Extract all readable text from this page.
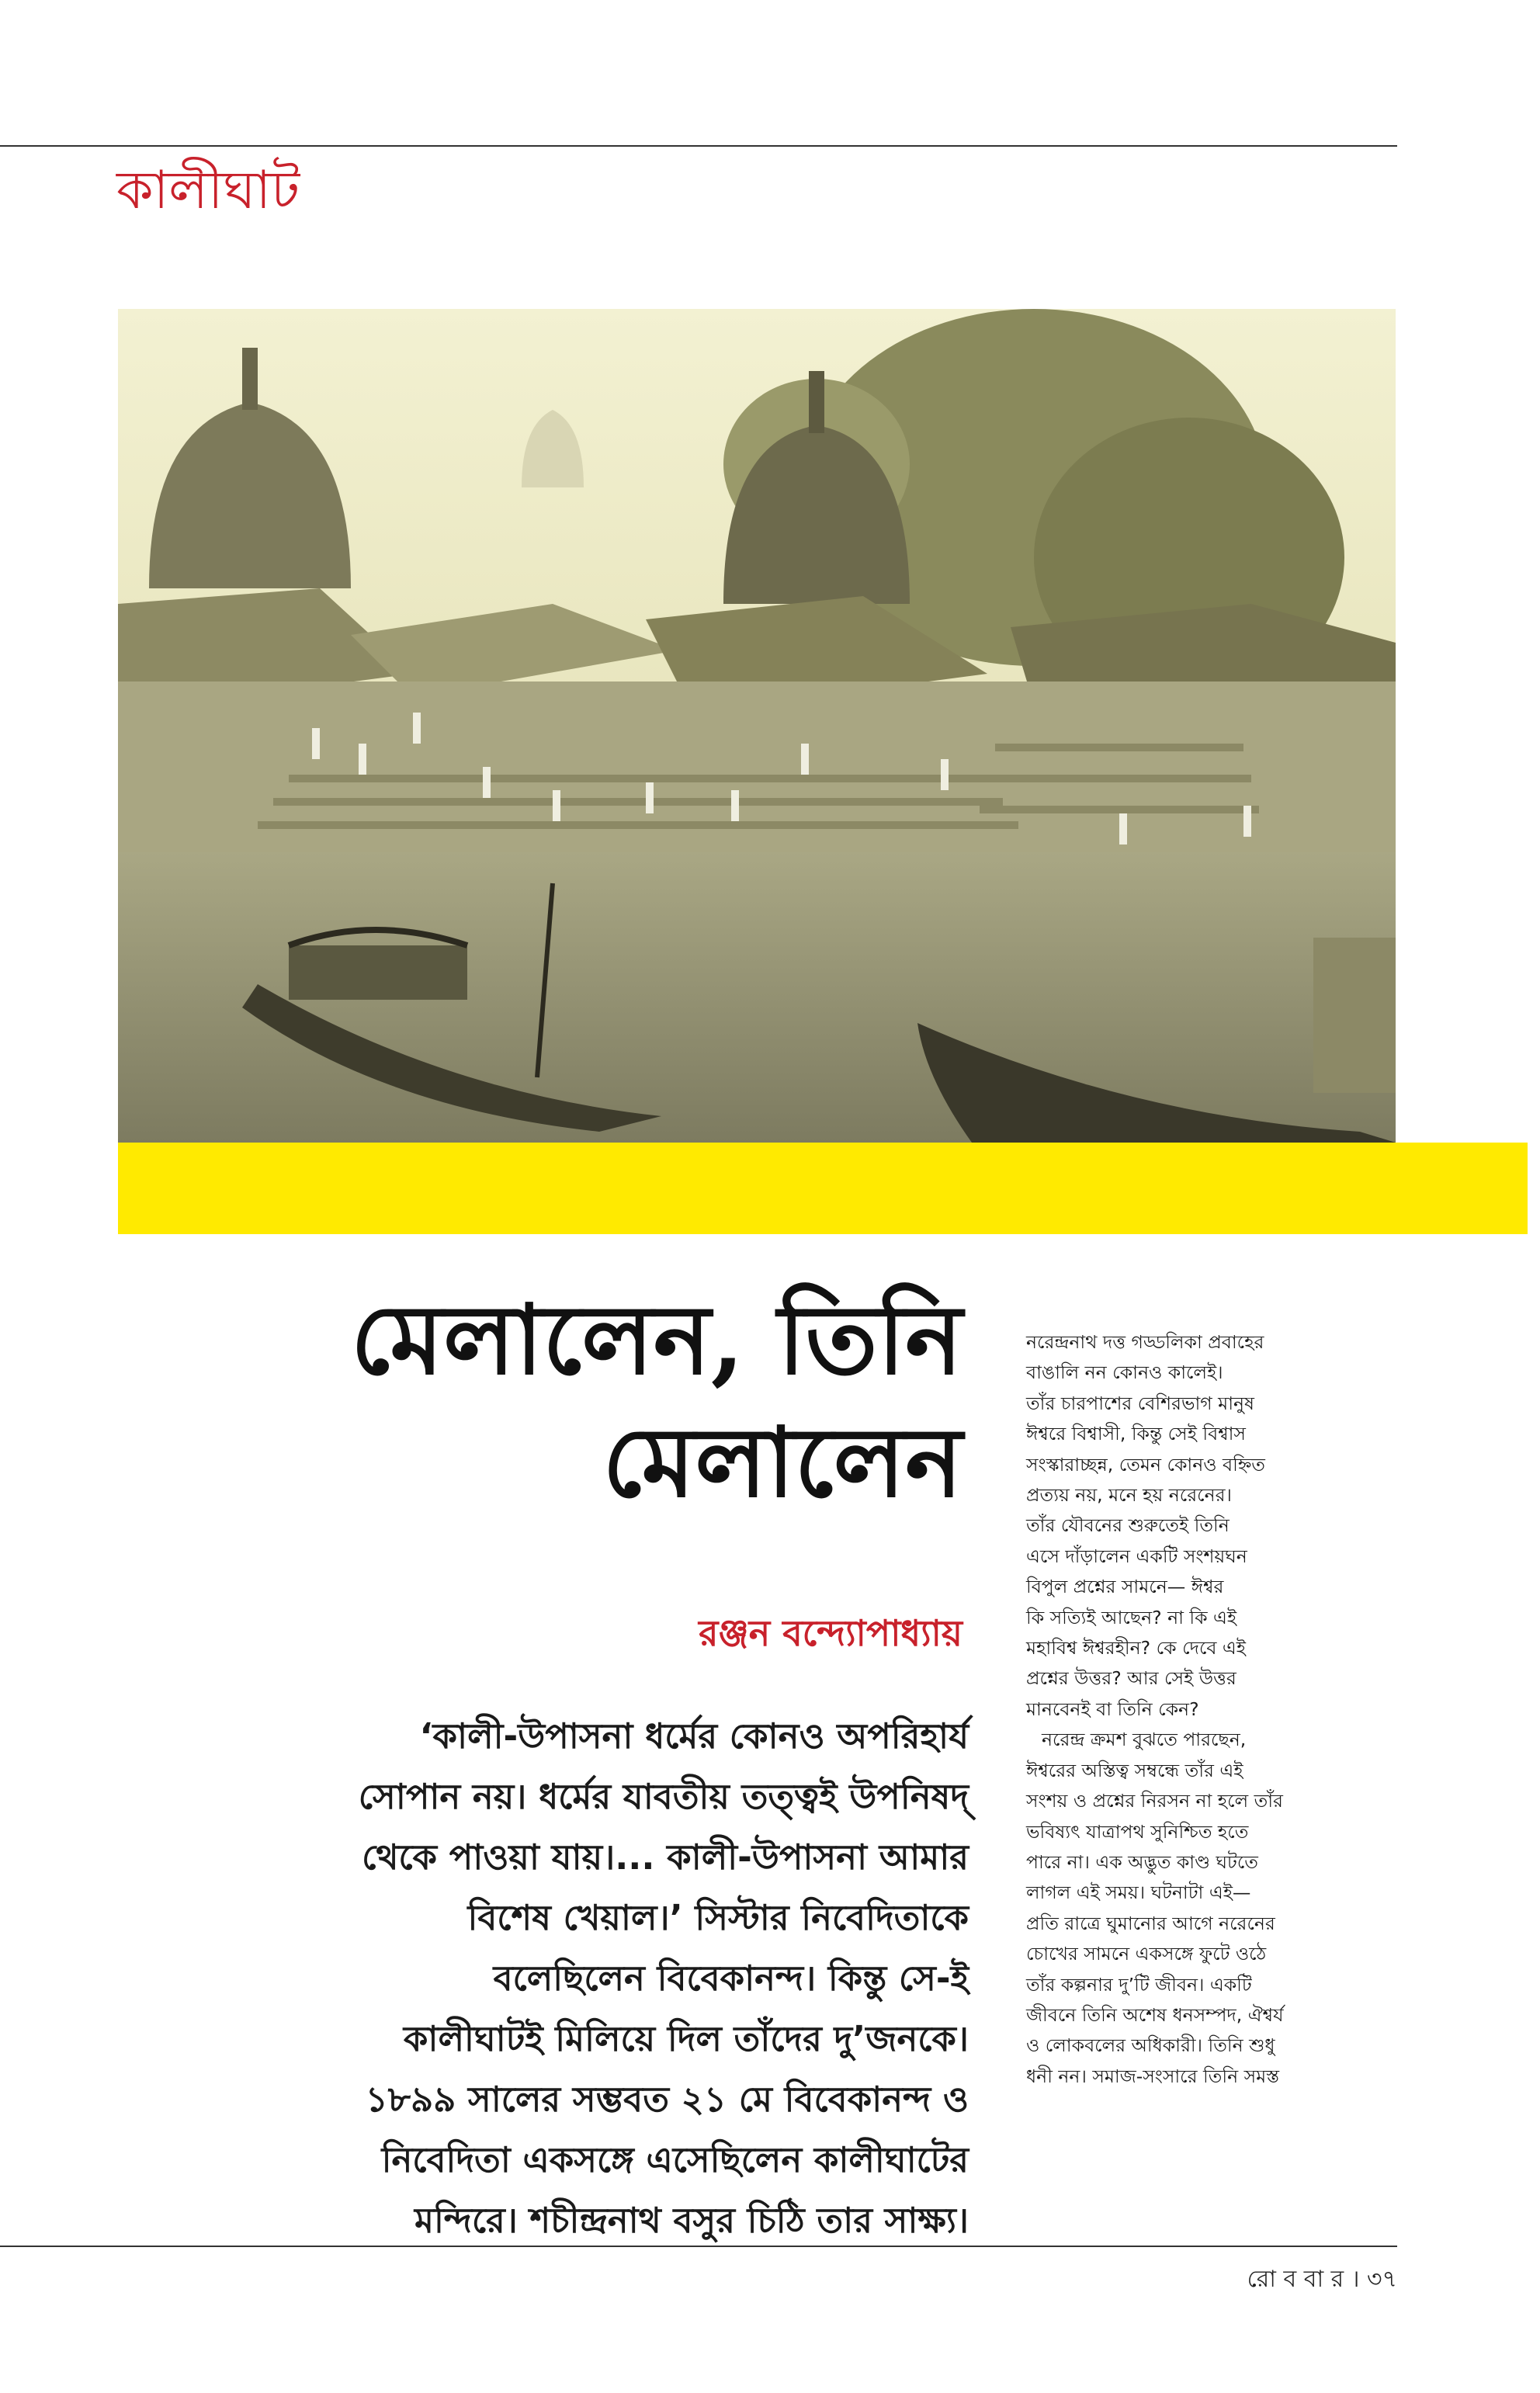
কালীঘাট
মেলালেন, তিনি
মেলালেন
রঞ্জন বন্দ্যোপাধ্যায়
‘কালী-উপাসনা ধর্মের কোনও অপরিহার্য
সোপান নয়। ধর্মের যাবতীয় তত্ত্বই উপনিষদ্
থেকে পাওয়া যায়।... কালী-উপাসনা আমার
বিশেষ খেয়াল।’ সিস্টার নিবেদিতাকে
বলেছিলেন বিবেকানন্দ। কিন্তু সে-ই
কালীঘাটই মিলিয়ে দিল তাঁদের দু’জনকে।
১৮৯৯ সালের সম্ভবত ২১ মে বিবেকানন্দ ও
নিবেদিতা একসঙ্গে এসেছিলেন কালীঘাটের
মন্দিরে। শচীন্দ্রনাথ বসুর চিঠি তার সাক্ষ্য।
নরেন্দ্রনাথ দত্ত গড্ডলিকা প্রবাহের
বাঙালি নন কোনও কালেই।
তাঁর চারপাশের বেশিরভাগ মানুষ
ঈশ্বরে বিশ্বাসী, কিন্তু সেই বিশ্বাস
সংস্কারাচ্ছন্ন, তেমন কোনও বহ্নিত
প্রত্যয় নয়, মনে হয় নরেনের।
তাঁর যৌবনের শুরুতেই তিনি
এসে দাঁড়ালেন একটি সংশয়ঘন
বিপুল প্রশ্নের সামনে— ঈশ্বর
কি সত্যিই আছেন? না কি এই
মহাবিশ্ব ঈশ্বরহীন? কে দেবে এই
প্রশ্নের উত্তর? আর সেই উত্তর
মানবেনই বা তিনি কেন?
নরেন্দ্র ক্রমশ বুঝতে পারছেন,
ঈশ্বরের অস্তিত্ব সম্বন্ধে তাঁর এই
সংশয় ও প্রশ্নের নিরসন না হলে তাঁর
ভবিষ্যৎ যাত্রাপথ সুনিশ্চিত হতে
পারে না। এক অদ্ভুত কাণ্ড ঘটতে
লাগল এই সময়। ঘটনাটা এই—
প্রতি রাত্রে ঘুমানোর আগে নরেনের
চোখের সামনে একসঙ্গে ফুটে ওঠে
তাঁর কল্পনার দু’টি জীবন। একটি
জীবনে তিনি অশেষ ধনসম্পদ, ঐশ্বর্য
ও লোকবলের অধিকারী। তিনি শুধু
ধনী নন। সমাজ-সংসারে তিনি সমস্ত
রো ব বা র । ৩৭
